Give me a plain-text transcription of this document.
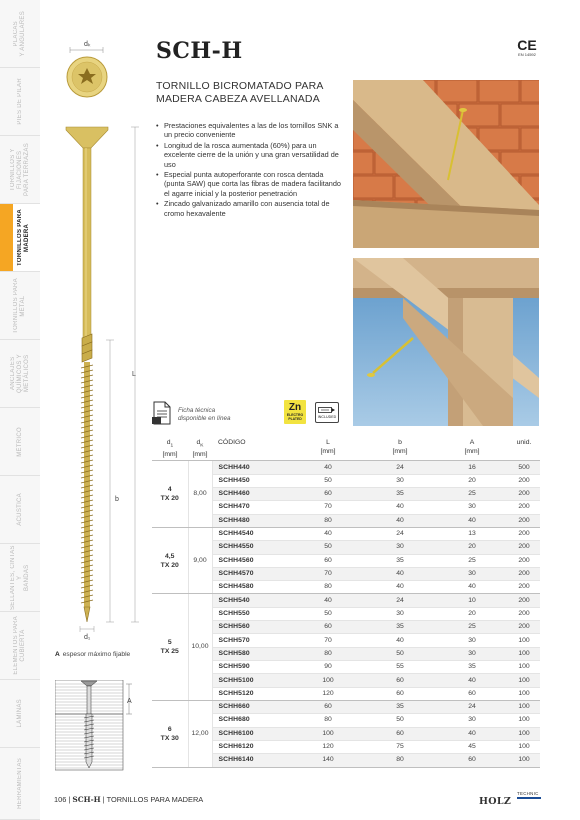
PLACAS
Y ANGULARES
PIES DE PILAR
TORNILLOS Y
FIJACIONES
PARA TERRAZAS
TORNILLOS PARA
MADERA
TORNILLOS PARA
METAL
ANCLAJES QUÍMICOS Y
METÁLICOS
MÉTRICO
ACÚSTICA
SELLANTES, CINTAS Y
BANDAS
ELEMENTOS PARA
CUBIERTA
LÁMINAS
HERRAMIENTAS
dₖ
L
b
d₁
A espesor máximo fijable
A
SCH-H	CE
EN 14592
TORNILLO BICROMATADO PARA MADERA CABEZA AVELLANADA
• Prestaciones equivalentes a las de los tornillos SNK a un precio conveniente
• Longitud de la rosca aumentada (60%) para un excelente cierre de la unión y una gran versatilidad de uso
• Especial punta autoperforante con rosca dentada (punta SAW) que corta las fibras de madera facilitando el agarre inicial y la posterior penetración
• Zincado galvanizado amarillo con ausencia total de cromo hexavalente
Ficha técnica
disponible en línea
Zn
ELECTRO
PLATED	INCLUDED
$d_1$
[mm]	$d_K$
[mm]	CÓDIGO	L
[mm]	b
[mm]	A
[mm]	unid.
4
TX 20	8,00	SCHH440	40	24	16	500
		SCHH450	50	30	20	200
		SCHH460	60	35	25	200
		SCHH470	70	40	30	200
		SCHH480	80	40	40	200
4,5
TX 20	9,00	SCHH4540	40	24	13	200
		SCHH4550	50	30	20	200
		SCHH4560	60	35	25	200
		SCHH4570	70	40	30	200
		SCHH4580	80	40	40	200
5
TX 25	10,00	SCHH540	40	24	10	200
		SCHH550	50	30	20	200
		SCHH560	60	35	25	200
		SCHH570	70	40	30	100
		SCHH580	80	50	30	100
		SCHH590	90	55	35	100
		SCHH5100	100	60	40	100
		SCHH5120	120	60	60	100
6
TX 30	12,00	SCHH660	60	35	24	100
		SCHH680	80	50	30	100
		SCHH6100	100	60	40	100
		SCHH6120	120	75	45	100
		SCHH6140	140	80	60	100
106 | SCH-H | TORNILLOS PARA MADERA	HOLZ
TECHNIC
